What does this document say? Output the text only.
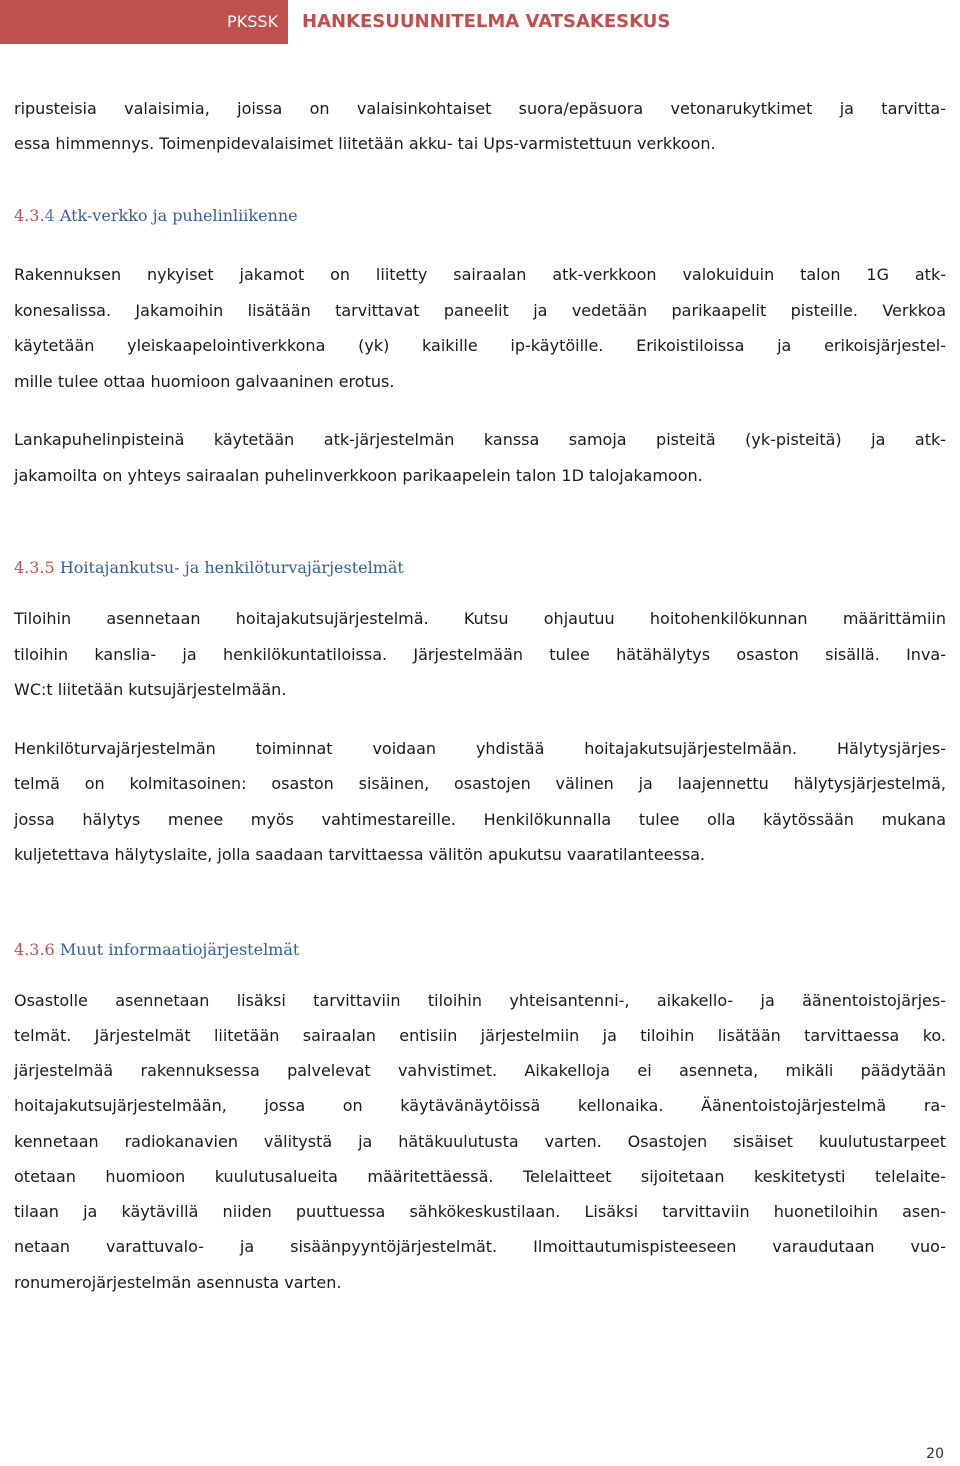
PKSSK	HANKESUUNNITELMA VATSAKESKUS

ripusteisia valaisimia, joissa on valaisinkohtaiset suora/epäsuora vetonarukytkimet ja tarvitta-
essa himmennys. Toimenpidevalaisimet liitetään akku- tai Ups-varmistettuun verkkoon.

4.3.4 Atk-verkko ja puhelinliikenne

Rakennuksen nykyiset jakamot on liitetty sairaalan atk-verkkoon valokuiduin talon 1G atk-
konesalissa. Jakamoihin lisätään tarvittavat paneelit ja vedetään parikaapelit pisteille. Verkkoa
käytetään yleiskaapelointiverkkona (yk) kaikille ip-käytöille. Erikoistiloissa ja erikoisjärjestel-
mille tulee ottaa huomioon galvaaninen erotus.

Lankapuhelinpisteinä käytetään atk-järjestelmän kanssa samoja pisteitä (yk-pisteitä) ja atk-
jakamoilta on yhteys sairaalan puhelinverkkoon parikaapelein talon 1D talojakamoon.

4.3.5 Hoitajankutsu- ja henkilöturvajärjestelmät

Tiloihin asennetaan hoitajakutsujärjestelmä. Kutsu ohjautuu hoitohenkilökunnan määrittämiin
tiloihin kanslia- ja henkilökuntatiloissa. Järjestelmään tulee hätähälytys osaston sisällä. Inva-
WC:t liitetään kutsujärjestelmään.

Henkilöturvajärjestelmän toiminnat voidaan yhdistää hoitajakutsujärjestelmään. Hälytysjärjes-
telmä on kolmitasoinen: osaston sisäinen, osastojen välinen ja laajennettu hälytysjärjestelmä,
jossa hälytys menee myös vahtimestareille. Henkilökunnalla tulee olla käytössään mukana
kuljetettava hälytyslaite, jolla saadaan tarvittaessa välitön apukutsu vaaratilanteessa.

4.3.6 Muut informaatiojärjestelmät

Osastolle asennetaan lisäksi tarvittaviin tiloihin yhteisantenni-, aikakello- ja äänentoistojärjes-
telmät. Järjestelmät liitetään sairaalan entisiin järjestelmiin ja tiloihin lisätään tarvittaessa ko.
järjestelmää rakennuksessa palvelevat vahvistimet. Aikakelloja ei asenneta, mikäli päädytään
hoitajakutsujärjestelmään, jossa on käytävänäytöissä kellonaika. Äänentoistojärjestelmä ra-
kennetaan radiokanavien välitystä ja hätäkuulutusta varten. Osastojen sisäiset kuulutustarpeet
otetaan huomioon kuulutusalueita määritettäessä. Telelaitteet sijoitetaan keskitetysti telelaite-
tilaan ja käytävillä niiden puuttuessa sähkökeskustilaan. Lisäksi tarvittaviin huonetiloihin asen-
netaan varattuvalo- ja sisäänpyyntöjärjestelmät. Ilmoittautumispisteeseen varaudutaan vuo-
ronumerojärjestelmän asennusta varten.

20
